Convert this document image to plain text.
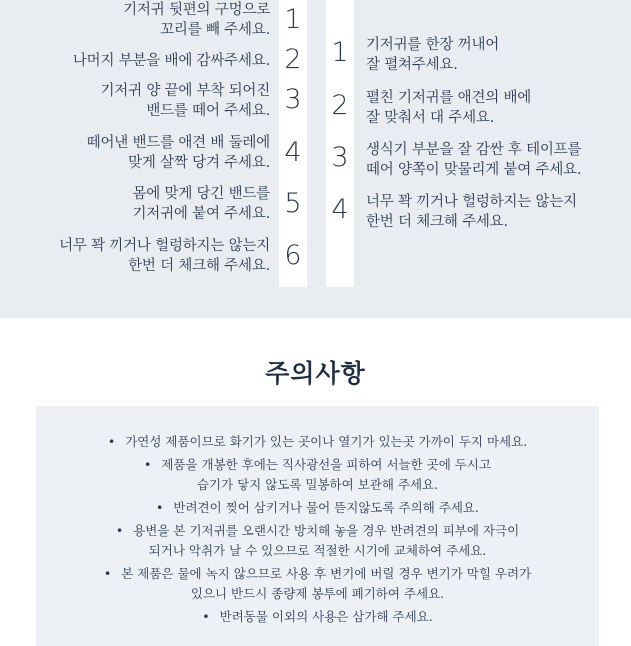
기저귀 뒷편의 구멍으로
꼬리를 빼 주세요. 1
나머지 부분을 배에 감싸주세요. 2
기저귀 양 끝에 부착 되어진
밴드를 떼어 주세요. 3
떼어낸 밴드를 애견 배 둘레에
맞게 살짝 당겨 주세요. 4
몸에 맞게 당긴 밴드를
기저귀에 붙여 주세요. 5
너무 꽉 끼거나 헐렁하지는 않는지
한번 더 체크해 주세요. 6
1	기저귀를 한장 꺼내어
잘 펼쳐주세요.
2	펼친 기저귀를 애견의 배에
잘 맞춰서 대 주세요.
3	생식기 부분을 잘 감싼 후 테이프를
떼어 양쪽이 맞물리게 붙여 주세요.
4	너무 꽉 끼거나 헐렁하지는 않는지
한번 더 체크해 주세요.
주의사항
• 가연성 제품이므로 화기가 있는 곳이나 열기가 있는곳 가까이 두지 마세요.
• 제품을 개봉한 후에는 직사광선을 피하여 서늘한 곳에 두시고
습기가 닿지 않도록 밀봉하여 보관해 주세요.
• 반려견이 찢어 삼키거나 물어 뜯지않도록 주의해 주세요.
• 용변을 본 기저귀를 오랜시간 방치해 놓을 경우 반려견의 피부에 자극이
되거나 악취가 날 수 있으므로 적절한 시기에 교체하여 주세요.
• 본 제품은 물에 녹지 않으므로 사용 후 변기에 버릴 경우 변기가 막힐 우려가
있으니 반드시 종량제 봉투에 폐기하여 주세요.
• 반려동물 이외의 사용은 삼가해 주세요.
